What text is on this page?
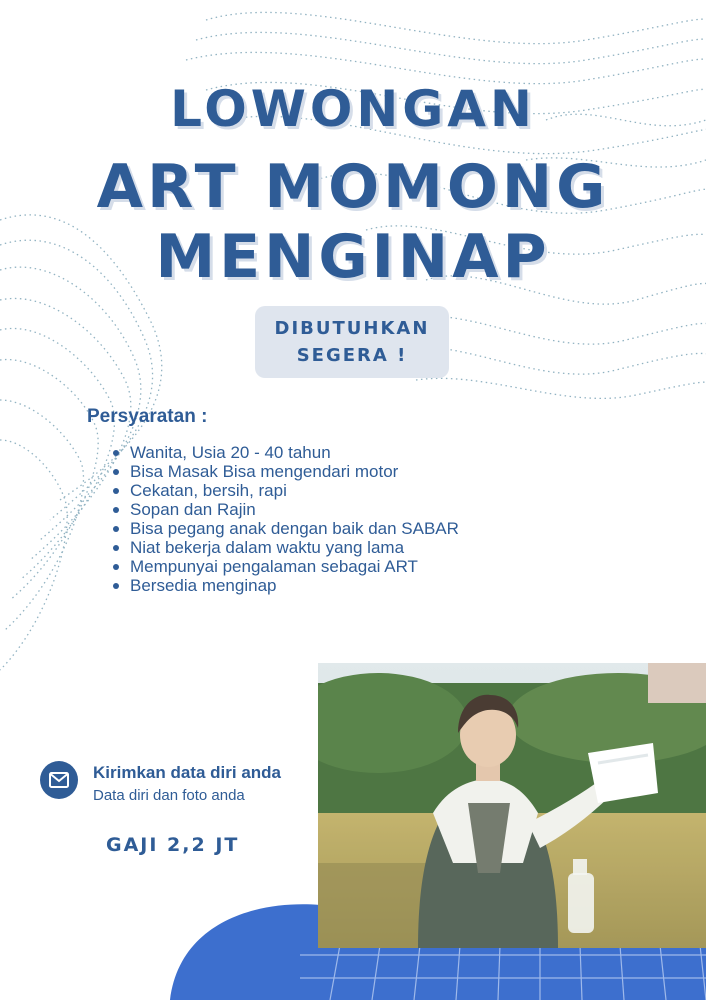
LOWONGAN
ART MOMONG
MENGINAP
DIBUTUHKAN
SEGERA !
Persyaratan :
Wanita, Usia 20 - 40 tahun
Bisa Masak Bisa mengendari motor
Cekatan, bersih, rapi
Sopan dan Rajin
Bisa pegang anak dengan baik dan SABAR
Niat bekerja dalam waktu yang lama
Mempunyai pengalaman sebagai ART
Bersedia menginap
Kirimkan data diri anda
Data diri dan foto anda
GAJI 2,2 JT
